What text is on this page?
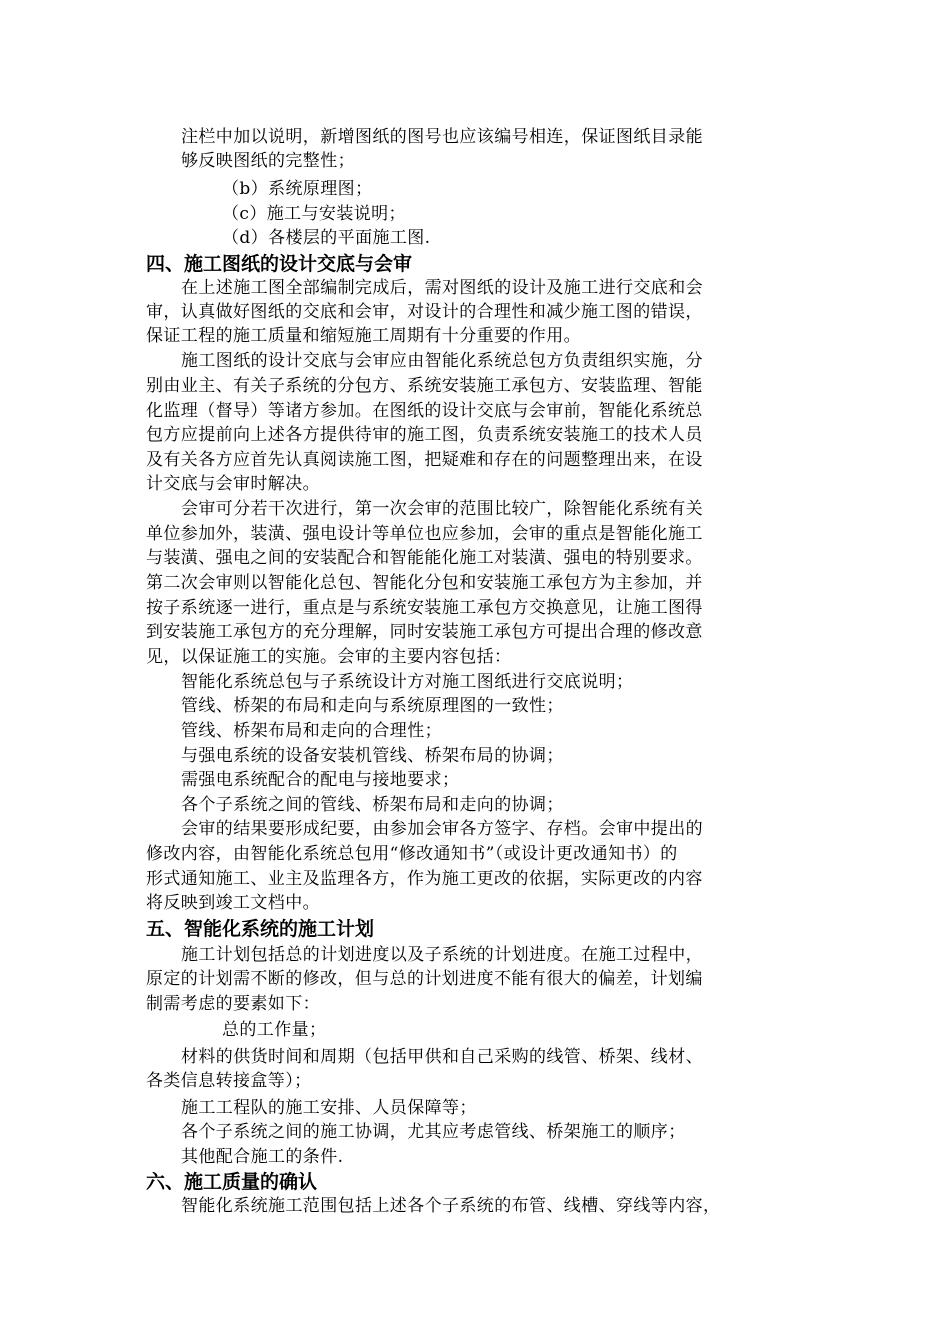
注栏中加以说明，新增图纸的图号也应该编号相连，保证图纸目录能
够反映图纸的完整性；
（b）系统原理图；
（c）施工与安装说明；
（d）各楼层的平面施工图.
四、施工图纸的设计交底与会审
在上述施工图全部编制完成后，需对图纸的设计及施工进行交底和会
审，认真做好图纸的交底和会审，对设计的合理性和减少施工图的错误，
保证工程的施工质量和缩短施工周期有十分重要的作用。
施工图纸的设计交底与会审应由智能化系统总包方负责组织实施，分
别由业主、有关子系统的分包方、系统安装施工承包方、安装监理、智能
化监理（督导）等诸方参加。在图纸的设计交底与会审前，智能化系统总
包方应提前向上述各方提供待审的施工图，负责系统安装施工的技术人员
及有关各方应首先认真阅读施工图，把疑难和存在的问题整理出来，在设
计交底与会审时解决。
会审可分若干次进行，第一次会审的范围比较广，除智能化系统有关
单位参加外，装潢、强电设计等单位也应参加，会审的重点是智能化施工
与装潢、强电之间的安装配合和智能能化施工对装潢、强电的特别要求。
第二次会审则以智能化总包、智能化分包和安装施工承包方为主参加，并
按子系统逐一进行，重点是与系统安装施工承包方交换意见，让施工图得
到安装施工承包方的充分理解，同时安装施工承包方可提出合理的修改意
见，以保证施工的实施。会审的主要内容包括：
智能化系统总包与子系统设计方对施工图纸进行交底说明；
管线、桥架的布局和走向与系统原理图的一致性；
管线、桥架布局和走向的合理性；
与强电系统的设备安装机管线、桥架布局的协调；
需强电系统配合的配电与接地要求；
各个子系统之间的管线、桥架布局和走向的协调；
会审的结果要形成纪要，由参加会审各方签字、存档。会审中提出的
修改内容，由智能化系统总包用“修改通知书”（或设计更改通知书）的
形式通知施工、业主及监理各方，作为施工更改的依据，实际更改的内容
将反映到竣工文档中。
五、智能化系统的施工计划
施工计划包括总的计划进度以及子系统的计划进度。在施工过程中，
原定的计划需不断的修改，但与总的计划进度不能有很大的偏差，计划编
制需考虑的要素如下：
总的工作量；
材料的供货时间和周期（包括甲供和自己采购的线管、桥架、线材、
各类信息转接盒等）；
施工工程队的施工安排、人员保障等；
各个子系统之间的施工协调，尤其应考虑管线、桥架施工的顺序；
其他配合施工的条件.
六、施工质量的确认
智能化系统施工范围包括上述各个子系统的布管、线槽、穿线等内容，
